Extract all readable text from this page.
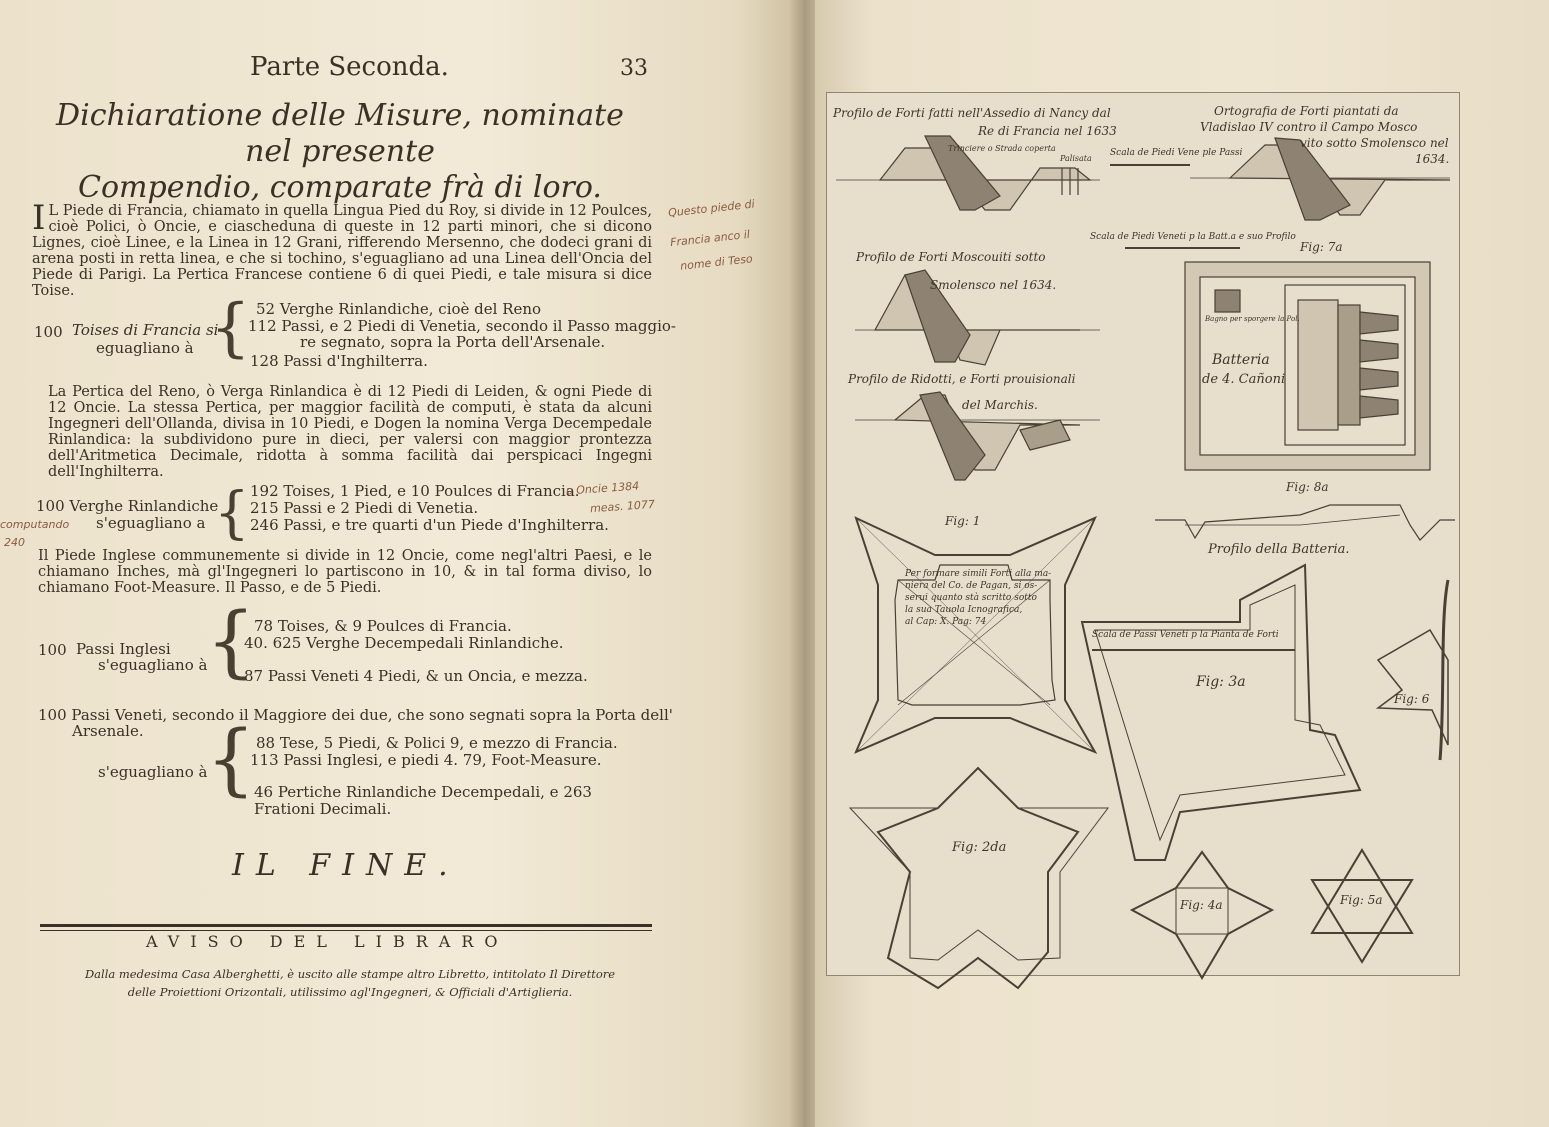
Parte Seconda.	33
Dichiaratione delle Misure, nominate nel presente
Compendio, comparate frà di loro.
I L Piede di Francia, chiamato in quella Lingua Pied du Roy, si divide in 12 Poulces, cioè Polici, ò Oncie, e ciascheduna di queste in 12 parti minori, che si dicono Lignes, cioè Linee, e la Linea in 12 Grani, rifferendo Mersenno, che dodeci grani di arena posti in retta linea, e che si tochino, s'eguagliano ad una Linea dell'Oncia del Piede di Parigi. La Pertica Francese contiene 6 di quei Piedi, e tale misura si dice Toise.
100 Toises di Francia si
eguagliano à { 52 Verghe Rinlandiche, cioè del Reno
112 Passi, e 2 Piedi di Venetia, secondo il Passo maggio-
re segnato, sopra la Porta dell'Arsenale.
128 Passi d'Inghilterra.
La Pertica del Reno, ò Verga Rinlandica è di 12 Piedi di Leiden, & ogni Piede di 12 Oncie. La stessa Pertica, per maggior facilità de computi, è stata da alcuni Ingegneri dell'Ollanda, divisa in 10 Piedi, e Dogen la nomina Verga Decempedale Rinlandica: la subdividono pure in dieci, per valersi con maggior prontezza dell'Aritmetica Decimale, ridotta à somma facilità dai perspicaci Ingegni dell'Inghilterra.
100 Verghe Rinlandiche
s'eguagliano a { 192 Toises, 1 Pied, e 10 Poulces di Francia.
215 Passi e 2 Piedi di Venetia.
246 Passi, e tre quarti d'un Piede d'Inghilterra.
Il Piede Inglese communemente si divide in 12 Oncie, come negl'altri Paesi, e le chiamano Inches, mà gl'Ingegneri lo partiscono in 10, & in tal forma diviso, lo chiamano Foot-Measure. Il Passo, e de 5 Piedi.
100 Passi Inglesi
s'eguagliano à
{
78 Toises, & 9 Poulces di Francia.
40. 625 Verghe Decempedali Rinlandiche.
87 Passi Veneti 4 Piedi, & un Oncia, e mezza.
100 Passi Veneti, secondo il Maggiore dei due, che sono segnati sopra la Porta dell'
Arsenale.
s'eguagliano à
{ 88 Tese, 5 Piedi, & Polici 9, e mezzo di Francia.
113 Passi Inglesi, e piedi 4. 79, Foot-Measure.
46 Pertiche Rinlandiche Decempedali, e 263 Frationi Decimali.
IL FINE.
AVISO DEL LIBRARO
Dalla medesima Casa Alberghetti, è uscito alle stampe altro Libretto, intitolato Il Direttore
delle Proiettioni Orizontali, utilissimo agl'Ingegneri, & Officiali d'Artiglieria.
Questo piede di
Francia anco il
nome di Teso
o Oncie 1384
meas. 1077
computando
240
Profilo de Forti fatti nell'Assedio di Nancy dal
Re di Francia nel 1633
Trinciere o Strada coperta
Palisata
Ortografia de Forti piantati da
Vladislao IV contro il Campo Mosco
vito sotto Smolensco nel
1634.
Scala de Piedi Vene ple Passi
Scala de Piedi Veneti p la Batt.a e suo Profilo
Fig: 7a
Profilo de Forti Moscouiti sotto
Smolensco nel 1634.
Profilo de Ridotti, e Forti prouisionali
del Marchis.
Batteria
de 4. Cañoni
Bagno per sporgere la Pol.
Fig: 8a
Profilo della Batteria.
Fig: 1
Per formare simili Forti alla ma-
niera del Co. de Pagan, si os-
serui quanto stà scritto sotto
la sua Tauola Icnografica,
al Cap: X. Pag: 74
Scala de Passi Veneti p la Pianta de Forti
Fig: 3a
Fig: 6
Fig: 2da
Fig: 4a	Fig: 5a
